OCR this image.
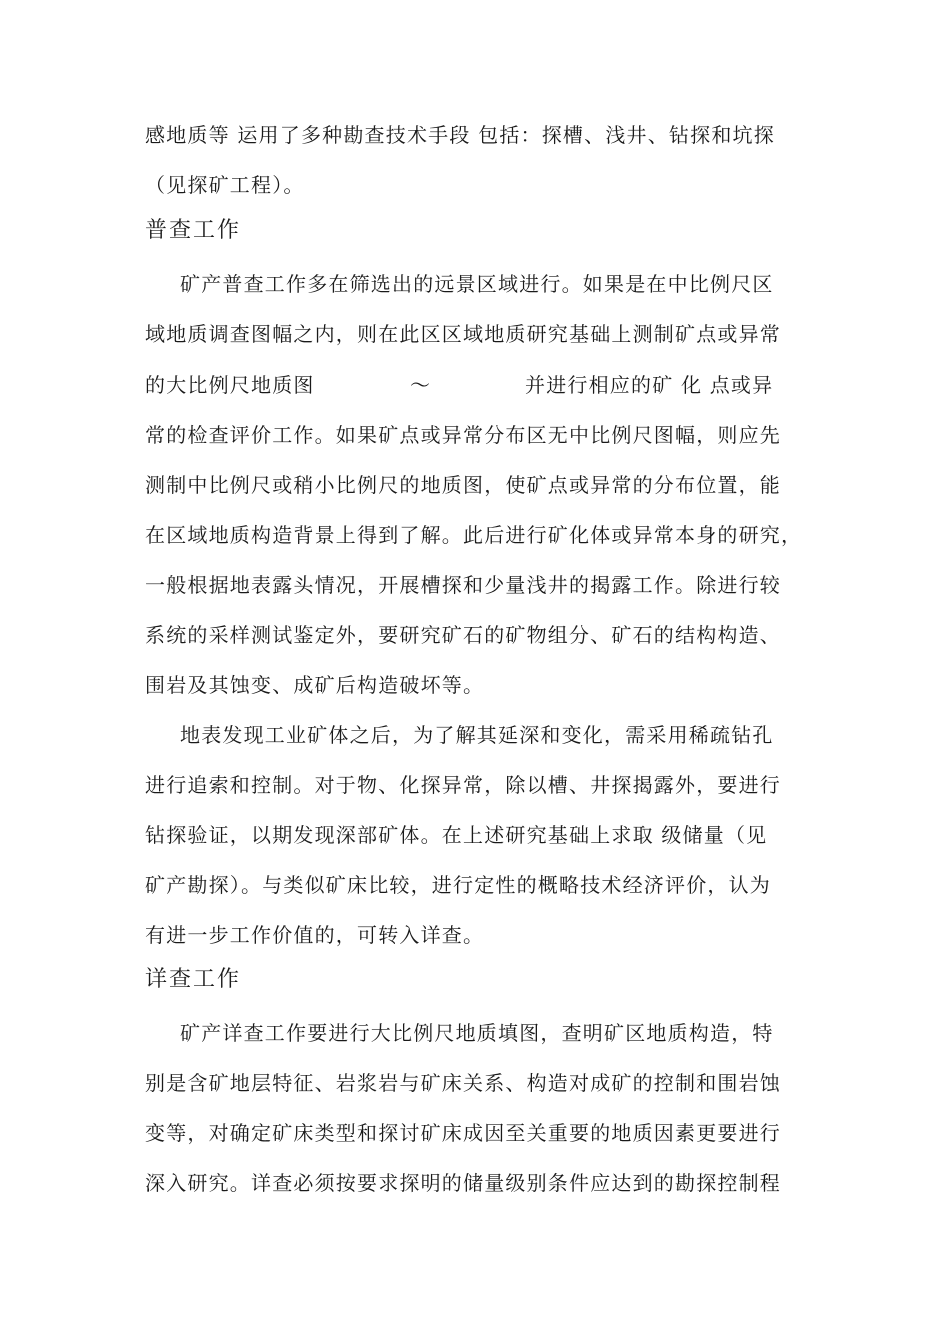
感地质等 运用了多种勘查技术手段 包括：探槽、浅井、钻探和坑探
（见探矿工程）。
普查工作
矿产普查工作多在筛选出的远景区域进行。如果是在中比例尺区
域地质调查图幅之内，则在此区区域地质研究基础上测制矿点或异常
的大比例尺地质图	～	并进行相应的矿 化 点或异
常的检查评价工作。如果矿点或异常分布区无中比例尺图幅，则应先
测制中比例尺或稍小比例尺的地质图，使矿点或异常的分布位置，能
在区域地质构造背景上得到了解。此后进行矿化体或异常本身的研究，
一般根据地表露头情况，开展槽探和少量浅井的揭露工作。除进行较
系统的采样测试鉴定外，要研究矿石的矿物组分、矿石的结构构造、
围岩及其蚀变、成矿后构造破坏等。
地表发现工业矿体之后，为了解其延深和变化，需采用稀疏钻孔
进行追索和控制。对于物、化探异常，除以槽、井探揭露外，要进行
钻探验证，以期发现深部矿体。在上述研究基础上求取 级储量（见
矿产勘探）。与类似矿床比较，进行定性的概略技术经济评价，认为
有进一步工作价值的，可转入详查。
详查工作
矿产详查工作要进行大比例尺地质填图，查明矿区地质构造，特
别是含矿地层特征、岩浆岩与矿床关系、构造对成矿的控制和围岩蚀
变等，对确定矿床类型和探讨矿床成因至关重要的地质因素更要进行
深入研究。详查必须按要求探明的储量级别条件应达到的勘探控制程
